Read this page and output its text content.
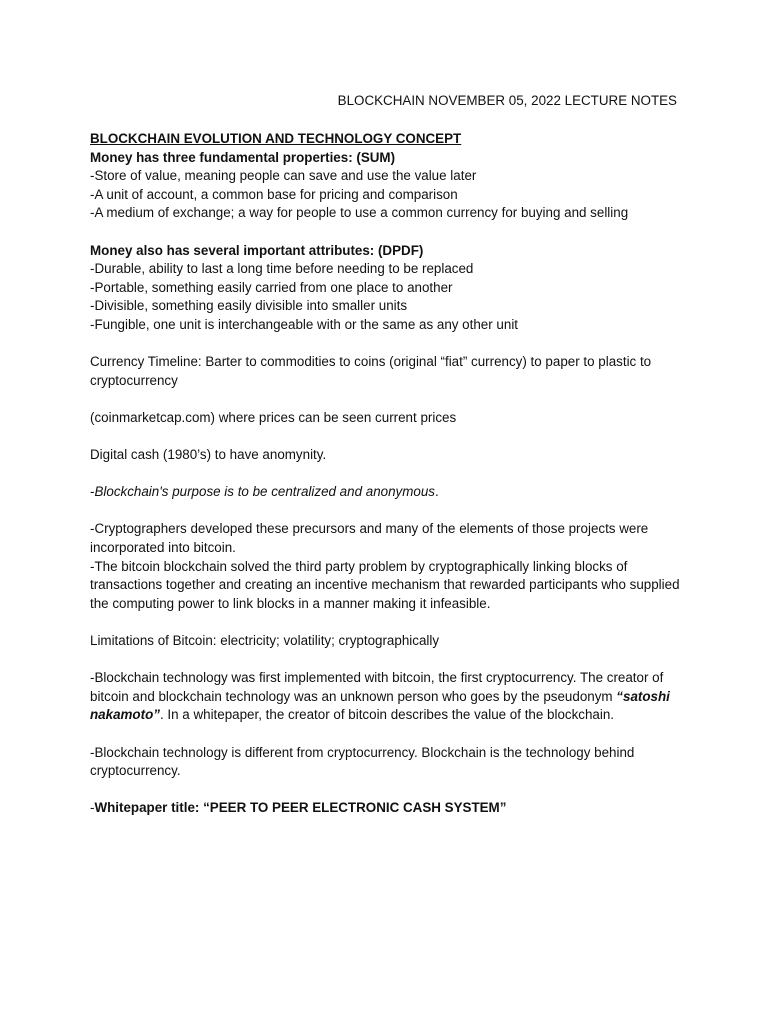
BLOCKCHAIN NOVEMBER 05, 2022 LECTURE NOTES
BLOCKCHAIN EVOLUTION AND TECHNOLOGY CONCEPT
Money has three fundamental properties: (SUM)
-Store of value, meaning people can save and use the value later
-A unit of account, a common base for pricing and comparison
-A medium of exchange; a way for people to use a common currency for buying and selling
Money also has several important attributes: (DPDF)
-Durable, ability to last a long time before needing to be replaced
-Portable, something easily carried from one place to another
-Divisible, something easily divisible into smaller units
-Fungible, one unit is interchangeable with or the same as any other unit
Currency Timeline: Barter to commodities to coins (original “fiat” currency) to paper to plastic to cryptocurrency
(coinmarketcap.com) where prices can be seen current prices
Digital cash (1980’s) to have anomynity.
-Blockchain's purpose is to be centralized and anonymous.
-Cryptographers developed these precursors and many of the elements of those projects were incorporated into bitcoin.
-The bitcoin blockchain solved the third party problem by cryptographically linking blocks of transactions together and creating an incentive mechanism that rewarded participants who supplied the computing power to link blocks in a manner making it infeasible.
Limitations of Bitcoin: electricity; volatility; cryptographically
-Blockchain technology was first implemented with bitcoin, the first cryptocurrency. The creator of bitcoin and blockchain technology was an unknown person who goes by the pseudonym “satoshi nakamoto”. In a whitepaper, the creator of bitcoin describes the value of the blockchain.
-Blockchain technology is different from cryptocurrency. Blockchain is the technology behind cryptocurrency.
-Whitepaper title: “PEER TO PEER ELECTRONIC CASH SYSTEM”
